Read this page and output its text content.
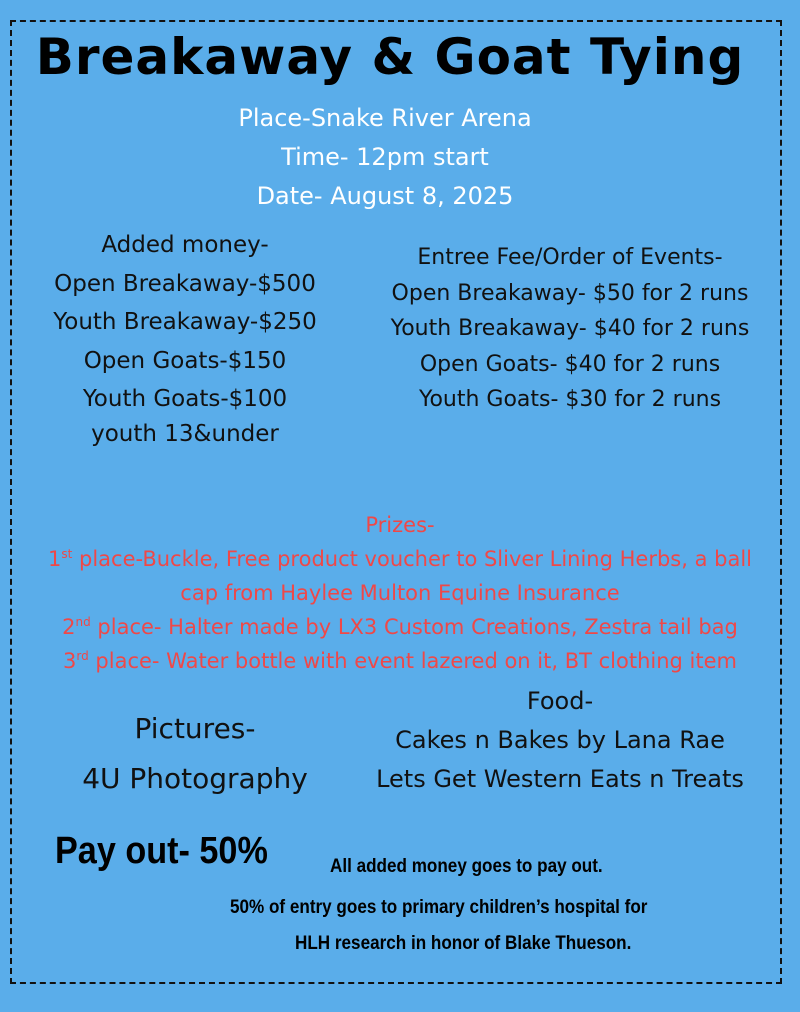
Breakaway & Goat Tying
Place-Snake River Arena
Time- 12pm start
Date- August 8, 2025
Added money-
Open Breakaway-$500
Youth Breakaway-$250
Open Goats-$150
Youth Goats-$100
youth 13&under
Entree Fee/Order of Events-
Open Breakaway- $50 for 2 runs
Youth Breakaway- $40 for 2 runs
Open Goats- $40 for 2 runs
Youth Goats- $30 for 2 runs
Prizes-
1st place-Buckle, Free product voucher to Sliver Lining Herbs, a ball
cap from Haylee Multon Equine Insurance
2nd place- Halter made by LX3 Custom Creations, Zestra tail bag
3rd place- Water bottle with event lazered on it, BT clothing item
Pictures-
4U Photography
Food-
Cakes n Bakes by Lana Rae
Lets Get Western Eats n Treats
Pay out- 50%	All added money goes to pay out.
50% of entry goes to primary children’s hospital for
HLH research in honor of Blake Thueson.
